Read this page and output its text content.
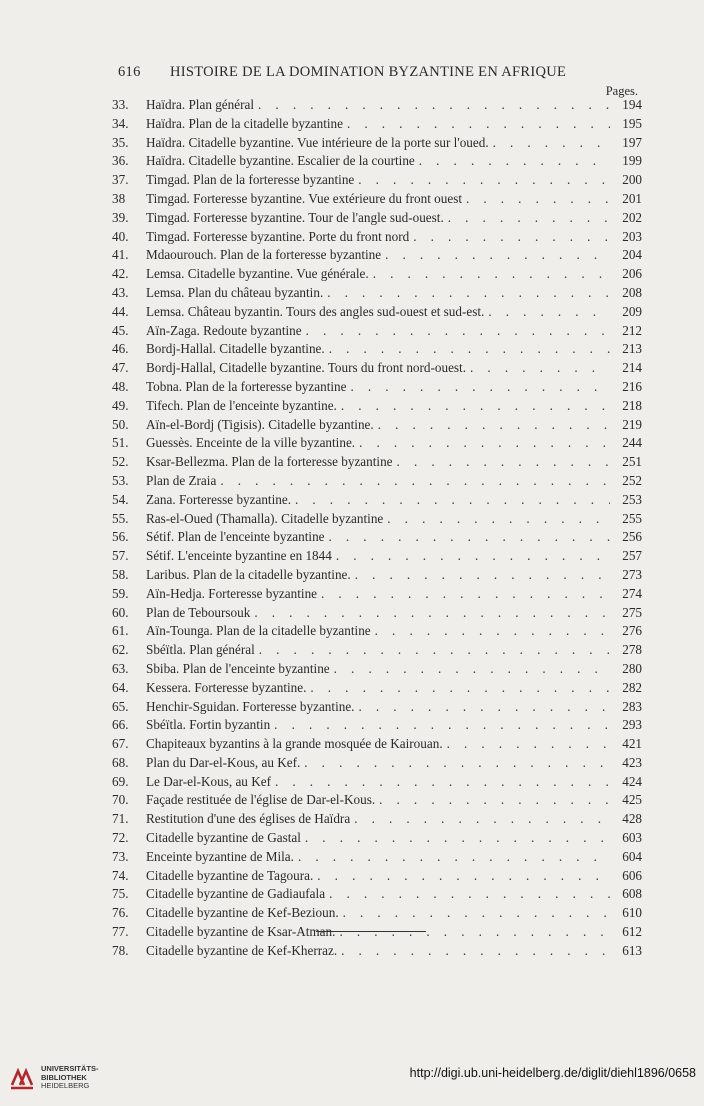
616 HISTOIRE DE LA DOMINATION BYZANTINE EN AFRIQUE
Pages.
33.	Haïdra. Plan général . . .	194
34.	Haïdra. Plan de la citadelle byzantine . . .	195
35.	Haïdra. Citadelle byzantine. Vue intérieure de la porte sur l'oued. . . .	197
36.	Haïdra. Citadelle byzantine. Escalier de la courtine . . .	199
37.	Timgad. Plan de la forteresse byzantine . . .	200
38	Timgad. Forteresse byzantine. Vue extérieure du front ouest . . .	201
39.	Timgad. Forteresse byzantine. Tour de l'angle sud-ouest. . . .	202
40.	Timgad. Forteresse byzantine. Porte du front nord . . .	203
41.	Mdaourouch. Plan de la forteresse byzantine . . .	204
42.	Lemsa. Citadelle byzantine. Vue générale. . . .	206
43.	Lemsa. Plan du château byzantin. . . .	208
44.	Lemsa. Château byzantin. Tours des angles sud-ouest et sud-est. . . .	209
45.	Aïn-Zaga. Redoute byzantine . . .	212
46.	Bordj-Hallal. Citadelle byzantine. . . .	213
47.	Bordj-Hallal, Citadelle byzantine. Tours du front nord-ouest. . . .	214
48.	Tobna. Plan de la forteresse byzantine . . .	216
49.	Tifech. Plan de l'enceinte byzantine. . . .	218
50.	Aïn-el-Bordj (Tigisis). Citadelle byzantine. . . .	219
51.	Guessès. Enceinte de la ville byzantine. . . .	244
52.	Ksar-Bellezma. Plan de la forteresse byzantine . . .	251
53.	Plan de Zraia . . .	252
54.	Zana. Forteresse byzantine. . . .	253
55.	Ras-el-Oued (Thamalla). Citadelle byzantine . . .	255
56.	Sétif. Plan de l'enceinte byzantine . . .	256
57.	Sétif. L'enceinte byzantine en 1844 . . .	257
58.	Laribus. Plan de la citadelle byzantine. . . .	273
59.	Aïn-Hedja. Forteresse byzantine . . .	274
60.	Plan de Teboursouk . . .	275
61.	Aïn-Tounga. Plan de la citadelle byzantine . . .	276
62.	Sbéïtla. Plan général . . .	278
63.	Sbiba. Plan de l'enceinte byzantine . . .	280
64.	Kessera. Forteresse byzantine. . . .	282
65.	Henchir-Sguidan. Forteresse byzantine. . . .	283
66.	Sbéïtla. Fortin byzantin . . .	293
67.	Chapiteaux byzantins à la grande mosquée de Kairouan. . . .	421
68.	Plan du Dar-el-Kous, au Kef. . . .	423
69.	Le Dar-el-Kous, au Kef . . .	424
70.	Façade restituée de l'église de Dar-el-Kous. . . .	425
71.	Restitution d'une des églises de Haïdra . . .	428
72.	Citadelle byzantine de Gastal . . .	603
73.	Enceinte byzantine de Mila. . . .	604
74.	Citadelle byzantine de Tagoura. . . .	606
75.	Citadelle byzantine de Gadiaufala . . .	608
76.	Citadelle byzantine de Kef-Bezioun. . . .	610
77.	Citadelle byzantine de Ksar-Atman. . . .	612
78.	Citadelle byzantine de Kef-Kherraz. . . .	613
UNIVERSITÄTS-
BIBLIOTHEK
HEIDELBERG
http://digi.ub.uni-heidelberg.de/diglit/diehl1896/0658
